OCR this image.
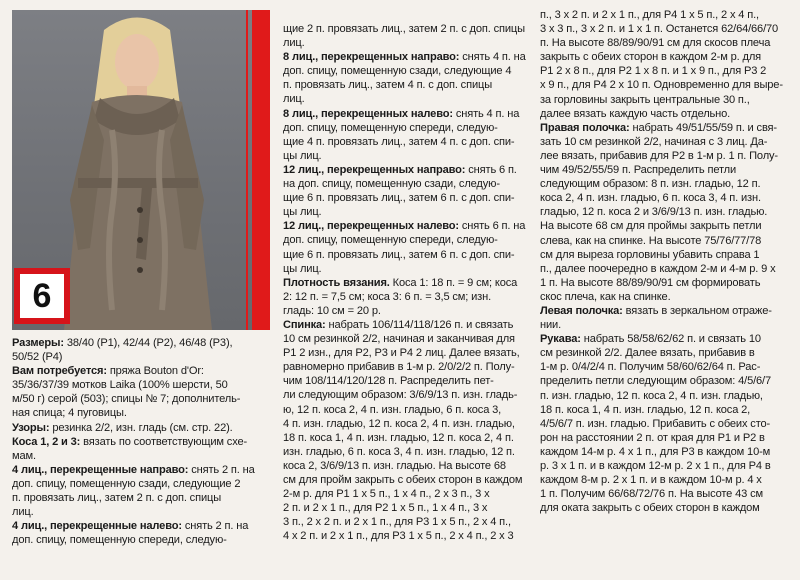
6

Размеры: 38/40 (Р1), 42/44 (Р2), 46/48 (Р3),

50/52 (Р4)

Вам потребуется: пряжа Bouton d'Or:

35/36/37/39 мотков Laika (100% шерсти, 50

м/50 г) серой (503); спицы № 7; дополнитель-

ная спица; 4 пуговицы.

Узоры: резинка 2/2, изн. гладь (см. стр. 22).

Коса 1, 2 и 3: вязать по соответствующим схе-

мам.

4 лиц., перекрещенные направо: снять 2 п. на

доп. спицу, помещенную сзади, следующие 2

п. провязать лиц., затем 2 п. с доп. спицы

лиц.

4 лиц., перекрещенные налево: снять 2 п. на

доп. спицу, помещенную спереди, следую-

щие 2 п. провязать лиц., затем 2 п. с доп. спицы

лиц.

8 лиц., перекрещенных направо: снять 4 п. на

доп. спицу, помещенную сзади, следующие 4

п. провязать лиц., затем 4 п. с доп. спицы

лиц.

8 лиц., перекрещенных налево: снять 4 п. на

доп. спицу, помещенную спереди, следую-

щие 4 п. провязать лиц., затем 4 п. с доп. спи-

цы лиц.

12 лиц., перекрещенных направо: снять 6 п.

на доп. спицу, помещенную сзади, следую-

щие 6 п. провязать лиц., затем 6 п. с доп. спи-

цы лиц.

12 лиц., перекрещенных налево: снять 6 п. на

доп. спицу, помещенную спереди, следую-

щие 6 п. провязать лиц., затем 6 п. с доп. спи-

цы лиц.

Плотность вязания. Коса 1: 18 п. = 9 см; коса

2: 12 п. = 7,5 см; коса 3: 6 п. = 3,5 см; изн.

гладь: 10 см = 20 р.

Спинка: набрать 106/114/118/126 п. и связать

10 см резинкой 2/2, начиная и заканчивая для

Р1 2 изн., для Р2, Р3 и Р4 2 лиц. Далее вязать,

равномерно прибавив в 1-м р. 2/0/2/2 п. Полу-

чим 108/114/120/128 п. Распределить пет-

ли следующим образом: 3/6/9/13 п. изн. гладь-

ю, 12 п. коса 2, 4 п. изн. гладью, 6 п. коса 3,

4 п. изн. гладью, 12 п. коса 2, 4 п. изн. гладью,

18 п. коса 1, 4 п. изн. гладью, 12 п. коса 2, 4 п.

изн. гладью, 6 п. коса 3, 4 п. изн. гладью, 12 п.

коса 2, 3/6/9/13 п. изн. гладью. На высоте 68

см для пройм закрыть с обеих сторон в каждом

2-м р. для Р1 1 х 5 п., 1 х 4 п., 2 х 3 п., 3 х

2 п. и 2 х 1 п., для Р2 1 х 5 п., 1 х 4 п., 3 х

3 п., 2 х 2 п. и 2 х 1 п., для Р3 1 х 5 п., 2 х 4 п.,

4 х 2 п. и 2 х 1 п., для Р3 1 х 5 п., 2 х 4 п., 2 х 3

п., 3 х 2 п. и 2 х 1 п., для Р4 1 х 5 п., 2 х 4 п.,

3 х 3 п., 3 х 2 п. и 1 х 1 п. Останется 62/64/66/70

п. На высоте 88/89/90/91 см для скосов плеча

закрыть с обеих сторон в каждом 2-м р. для

Р1 2 х 8 п., для Р2 1 х 8 п. и 1 х 9 п., для Р3 2

х 9 п., для Р4 2 х 10 п. Одновременно для выре-

за горловины закрыть центральные 30 п.,

далее вязать каждую часть отдельно.

Правая полочка: набрать 49/51/55/59 п. и свя-

зать 10 см резинкой 2/2, начиная с 3 лиц. Да-

лее вязать, прибавив для Р2 в 1-м р. 1 п. Полу-

чим 49/52/55/59 п. Распределить петли

следующим образом: 8 п. изн. гладью, 12 п.

коса 2, 4 п. изн. гладью, 6 п. коса 3, 4 п. изн.

гладью, 12 п. коса 2 и 3/6/9/13 п. изн. гладью.

На высоте 68 см для проймы закрыть петли

слева, как на спинке. На высоте 75/76/77/78

см для выреза горловины убавить справа 1

п., далее поочередно в каждом 2-м и 4-м р. 9 х

1 п. На высоте 88/89/90/91 см формировать

скос плеча, как на спинке.

Левая полочка: вязать в зеркальном отраже-

нии.

Рукава: набрать 58/58/62/62 п. и связать 10

см резинкой 2/2. Далее вязать, прибавив в

1-м р. 0/4/2/4 п. Получим 58/60/62/64 п. Рас-

пределить петли следующим образом: 4/5/6/7

п. изн. гладью, 12 п. коса 2, 4 п. изн. гладью,

18 п. коса 1, 4 п. изн. гладью, 12 п. коса 2,

4/5/6/7 п. изн. гладью. Прибавить с обеих сто-

рон на расстоянии 2 п. от края для Р1 и Р2 в

каждом 14-м р. 4 х 1 п., для Р3 в каждом 10-м

р. 3 х 1 п. и в каждом 12-м р. 2 х 1 п., для Р4 в

каждом 8-м р. 2 х 1 п. и в каждом 10-м р. 4 х

1 п. Получим 66/68/72/76 п. На высоте 43 см

для оката закрыть с обеих сторон в каждом
